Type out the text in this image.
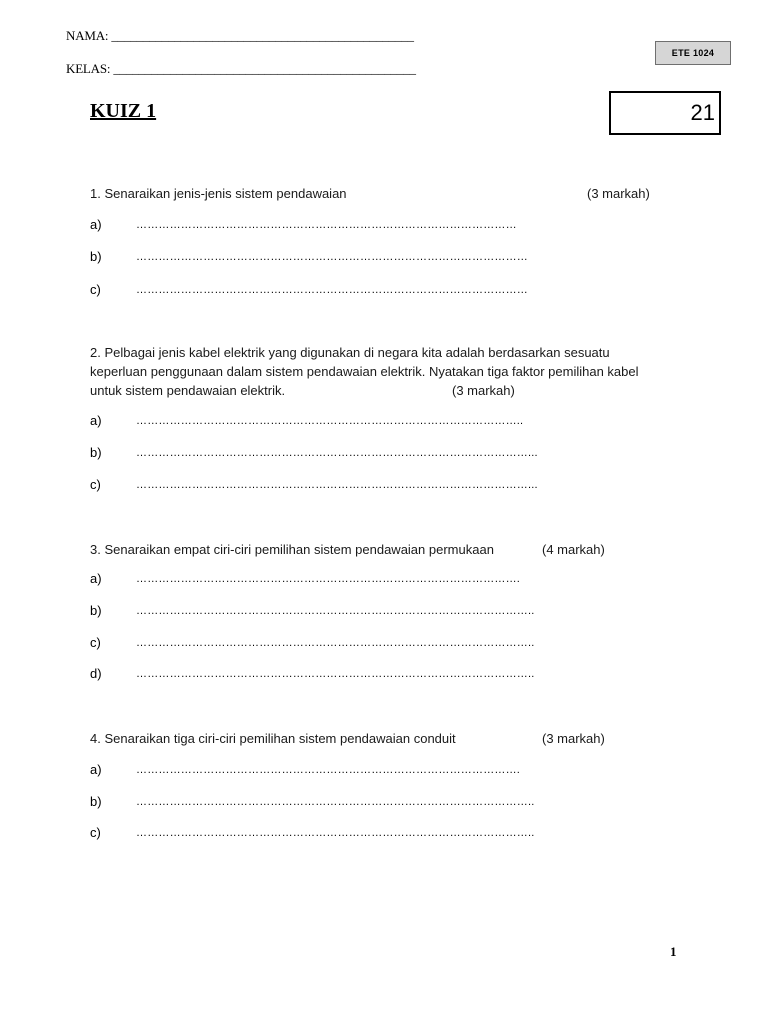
NAMA: ________________________________________________
KELAS: ________________________________________________
ETE 1024
KUIZ 1	21
1. Senaraikan jenis-jenis sistem pendawaian	(3 markah)
a)	…………………………………………………………………………………………
b)	……………………………………………………………………………………………
c)	……………………………………………………………………………………………
2. Pelbagai jenis kabel elektrik yang digunakan di negara kita adalah berdasarkan sesuatu
keperluan penggunaan dalam sistem pendawaian elektrik. Nyatakan tiga faktor pemilihan kabel
untuk sistem pendawaian elektrik.	(3 markah)
a)	…………………………………………………………………………………………..
b)	……………………………………………………………………………………………...
c)	……………………………………………………………………………………………...
3. Senaraikan empat ciri-ciri pemilihan sistem pendawaian permukaan	(4 markah)
a)	………………………………………………………………………………………….
b)	……………………………………………………………………………………………..
c)	……………………………………………………………………………………………..
d)	……………………………………………………………………………………………..
4. Senaraikan tiga ciri-ciri pemilihan sistem pendawaian conduit	(3 markah)
a)	………………………………………………………………………………………….
b)	……………………………………………………………………………………………..
c)	……………………………………………………………………………………………..
1
